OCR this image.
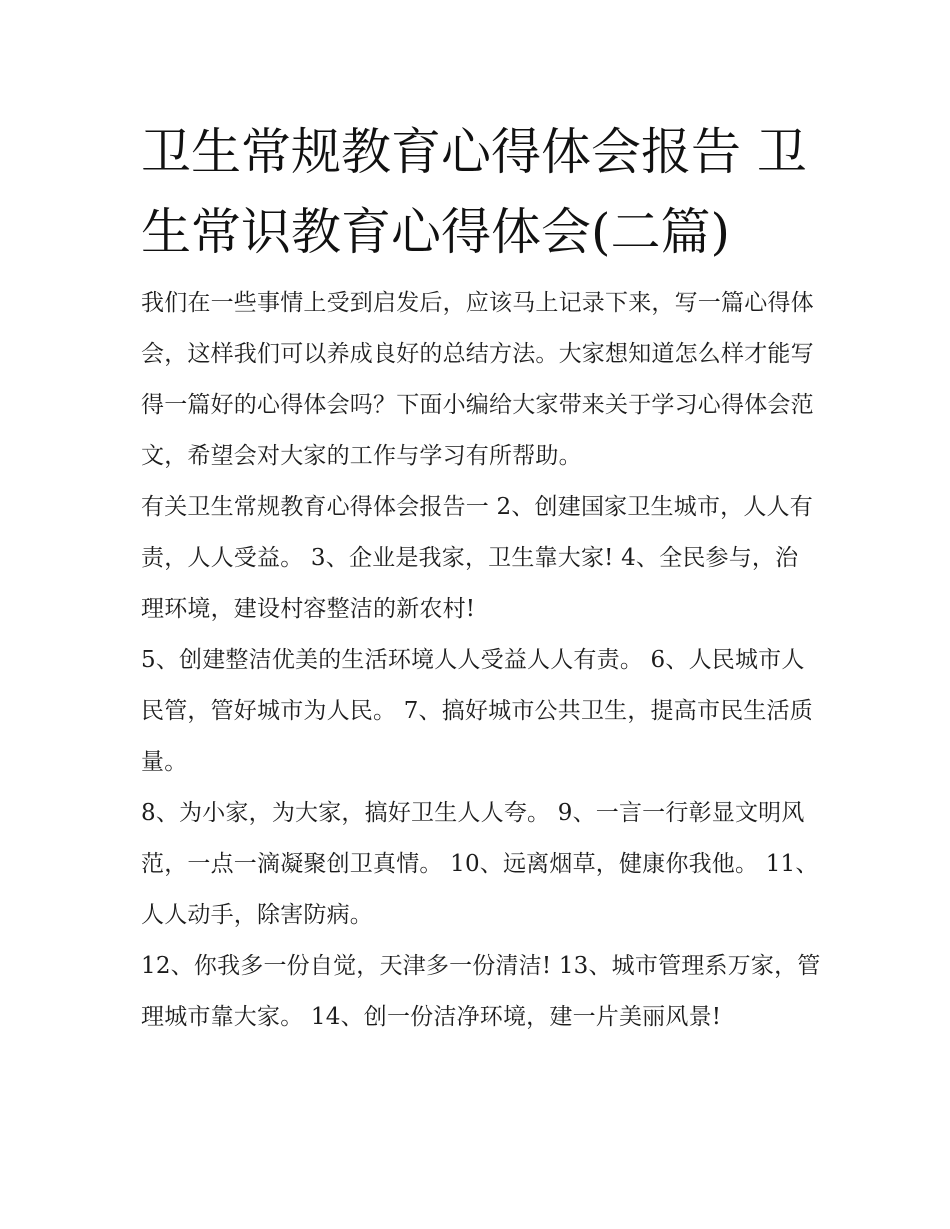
卫生常规教育心得体会报告 卫生常识教育心得体会(二篇)

我们在一些事情上受到启发后，应该马上记录下来，写一篇心得体会，这样我们可以养成良好的总结方法。大家想知道怎么样才能写得一篇好的心得体会吗？下面小编给大家带来关于学习心得体会范文，希望会对大家的工作与学习有所帮助。

有关卫生常规教育心得体会报告一 2、创建国家卫生城市，人人有责，人人受益。 3、企业是我家，卫生靠大家! 4、全民参与，治理环境，建设村容整洁的新农村!

5、创建整洁优美的生活环境人人受益人人有责。 6、人民城市人民管，管好城市为人民。 7、搞好城市公共卫生，提高市民生活质量。

8、为小家，为大家，搞好卫生人人夸。 9、一言一行彰显文明风范，一点一滴凝聚创卫真情。 10、远离烟草，健康你我他。 11、人人动手，除害防病。

12、你我多一份自觉，天津多一份清洁! 13、城市管理系万家，管理城市靠大家。 14、创一份洁净环境，建一片美丽风景!
